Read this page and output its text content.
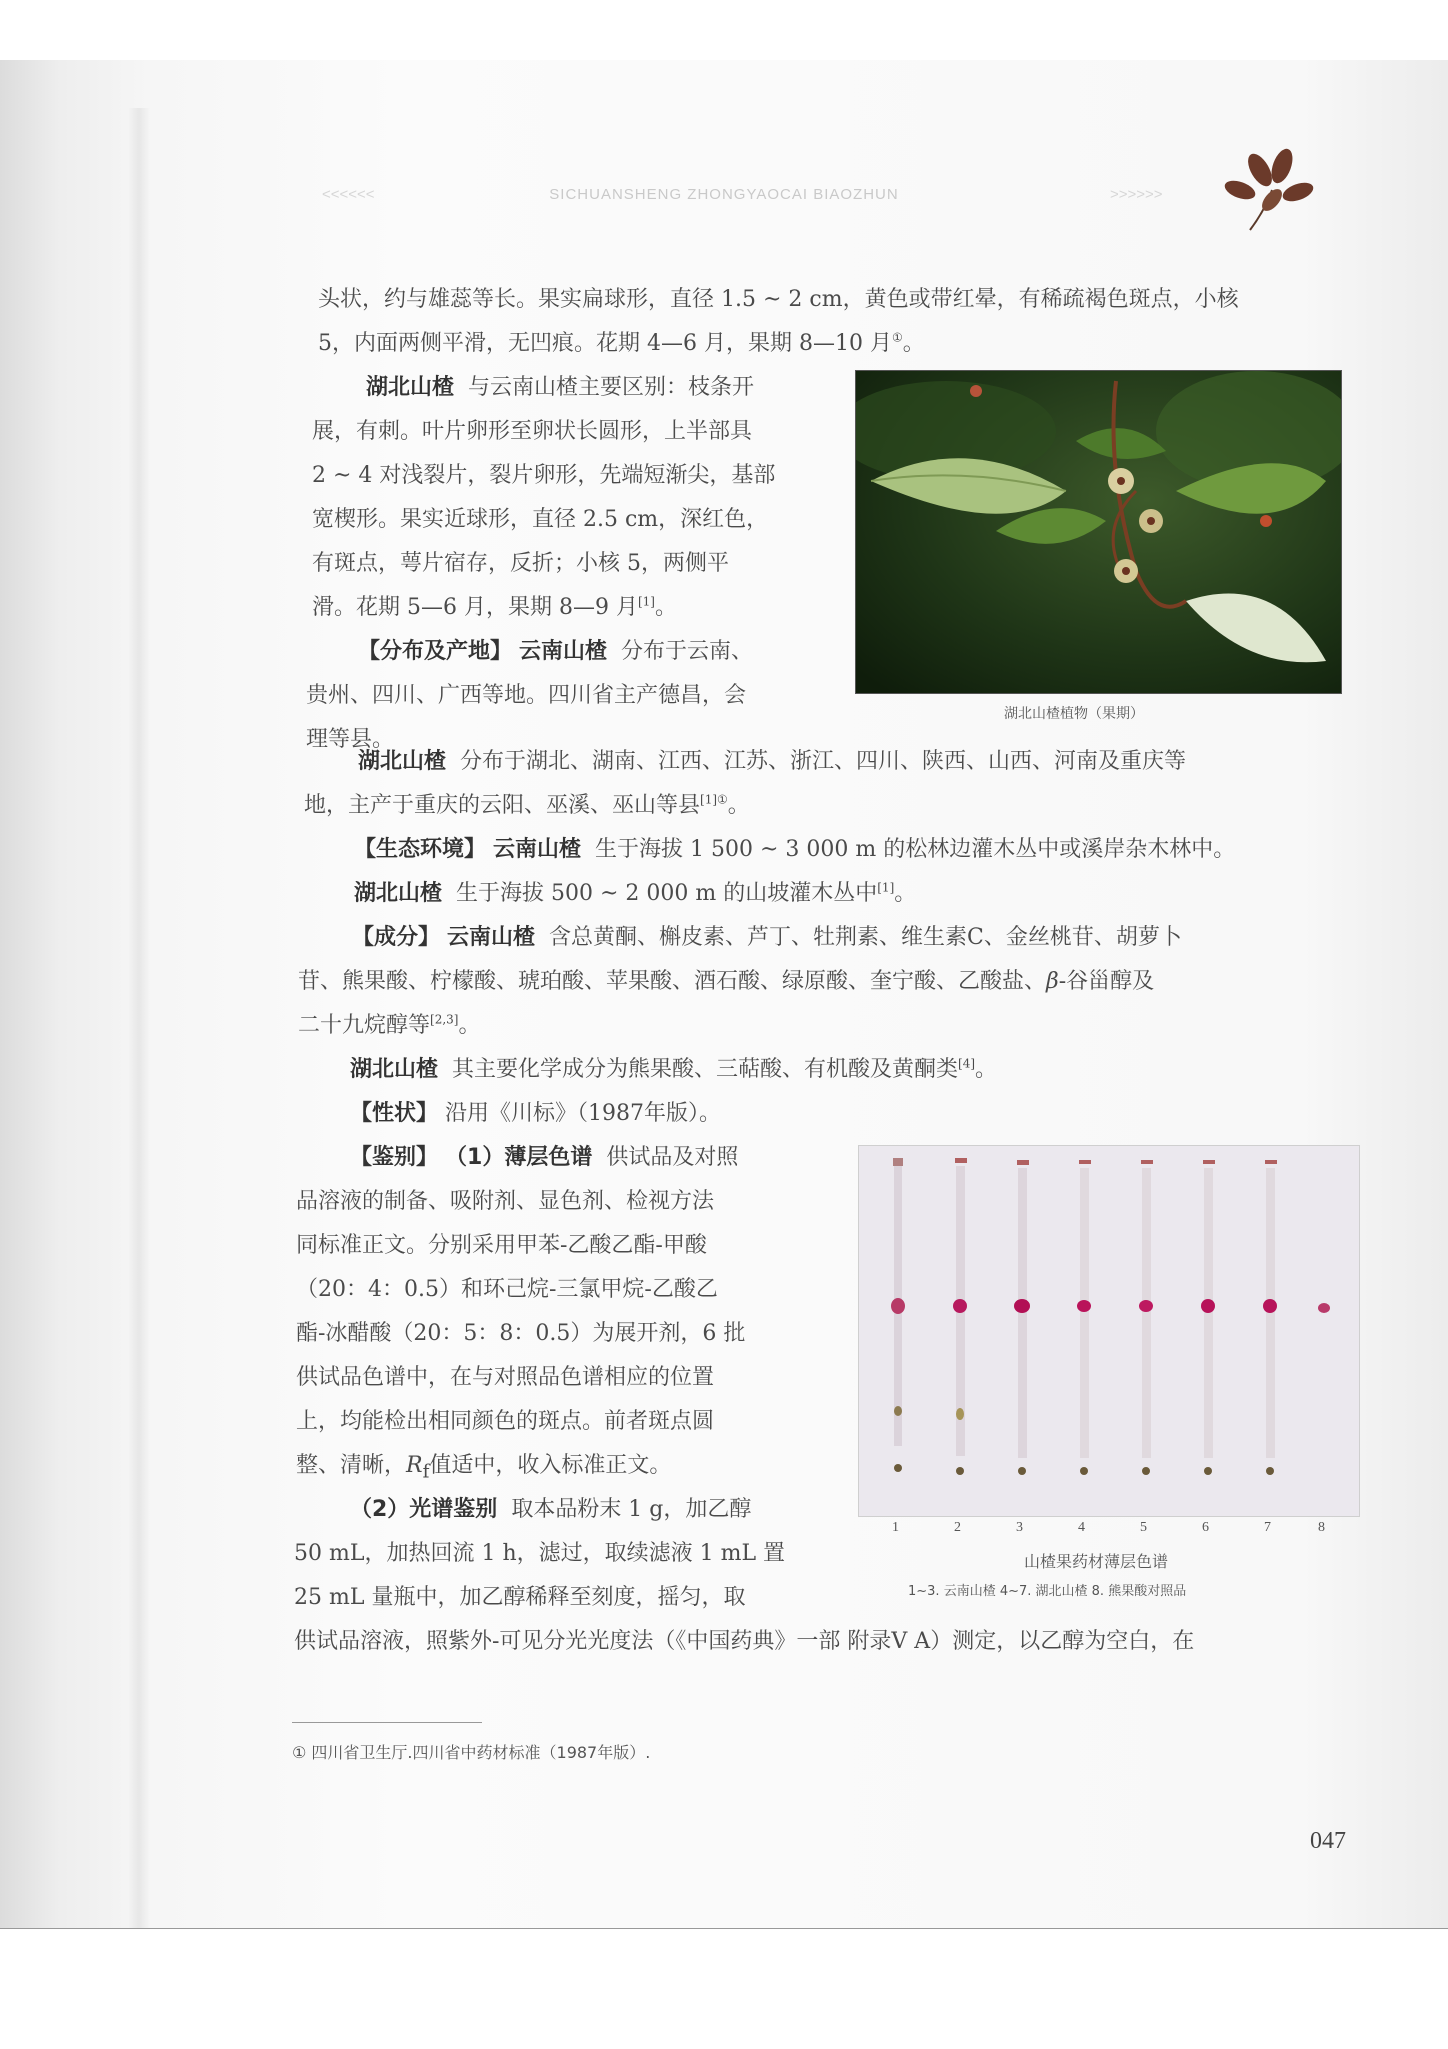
<<<<<<	SICHUANSHENG ZHONGYAOCAI BIAOZHUN	>>>>>>
头状，约与雄蕊等长。果实扁球形，直径 1.5 ~ 2 cm，黄色或带红晕，有稀疏褐色斑点，小核
5，内面两侧平滑，无凹痕。花期 4—6 月，果期 8—10 月①。
湖北山楂 与云南山楂主要区别：枝条开
展，有刺。叶片卵形至卵状长圆形，上半部具
2 ~ 4 对浅裂片，裂片卵形，先端短渐尖，基部
宽楔形。果实近球形，直径 2.5 cm，深红色，
有斑点，萼片宿存，反折；小核 5，两侧平
滑。花期 5—6 月，果期 8—9 月[1]。
【分布及产地】 云南山楂 分布于云南、
贵州、四川、广西等地。四川省主产德昌，会
理等县。
湖北山楂植物（果期）
湖北山楂 分布于湖北、湖南、江西、江苏、浙江、四川、陕西、山西、河南及重庆等
地，主产于重庆的云阳、巫溪、巫山等县$^{[1]①}$。
【生态环境】 云南山楂 生于海拔 1 500 ~ 3 000 m 的松林边灌木丛中或溪岸杂木林中。
湖北山楂 生于海拔 500 ~ 2 000 m 的山坡灌木丛中[1]。
【成分】 云南山楂 含总黄酮、槲皮素、芦丁、牡荆素、维生素C、金丝桃苷、胡萝卜
苷、熊果酸、柠檬酸、琥珀酸、苹果酸、酒石酸、绿原酸、奎宁酸、乙酸盐、β-谷甾醇及
二十九烷醇等[2,3]。
湖北山楂 其主要化学成分为熊果酸、三萜酸、有机酸及黄酮类[4]。
【性状】 沿用《川标》（1987年版）。
【鉴别】 （1）薄层色谱 供试品及对照
品溶液的制备、吸附剂、显色剂、检视方法
同标准正文。分别采用甲苯-乙酸乙酯-甲酸
（20：4：0.5）和环己烷-三氯甲烷-乙酸乙
酯-冰醋酸（20：5：8：0.5）为展开剂，6 批
供试品色谱中，在与对照品色谱相应的位置
上，均能检出相同颜色的斑点。前者斑点圆
整、清晰，$R_f$值适中，收入标准正文。
（2）光谱鉴别 取本品粉末 1 g，加乙醇
50 mL，加热回流 1 h，滤过，取续滤液 1 mL 置
25 mL 量瓶中，加乙醇稀释至刻度，摇匀，取
供试品溶液，照紫外-可见分光光度法（《中国药典》一部 附录Ⅴ A）测定，以乙醇为空白，在
1	2	3	4	5	6	7	8
山楂果药材薄层色谱
1~3. 云南山楂 4~7. 湖北山楂 8. 熊果酸对照品
① 四川省卫生厅.四川省中药材标准（1987年版）.
047
